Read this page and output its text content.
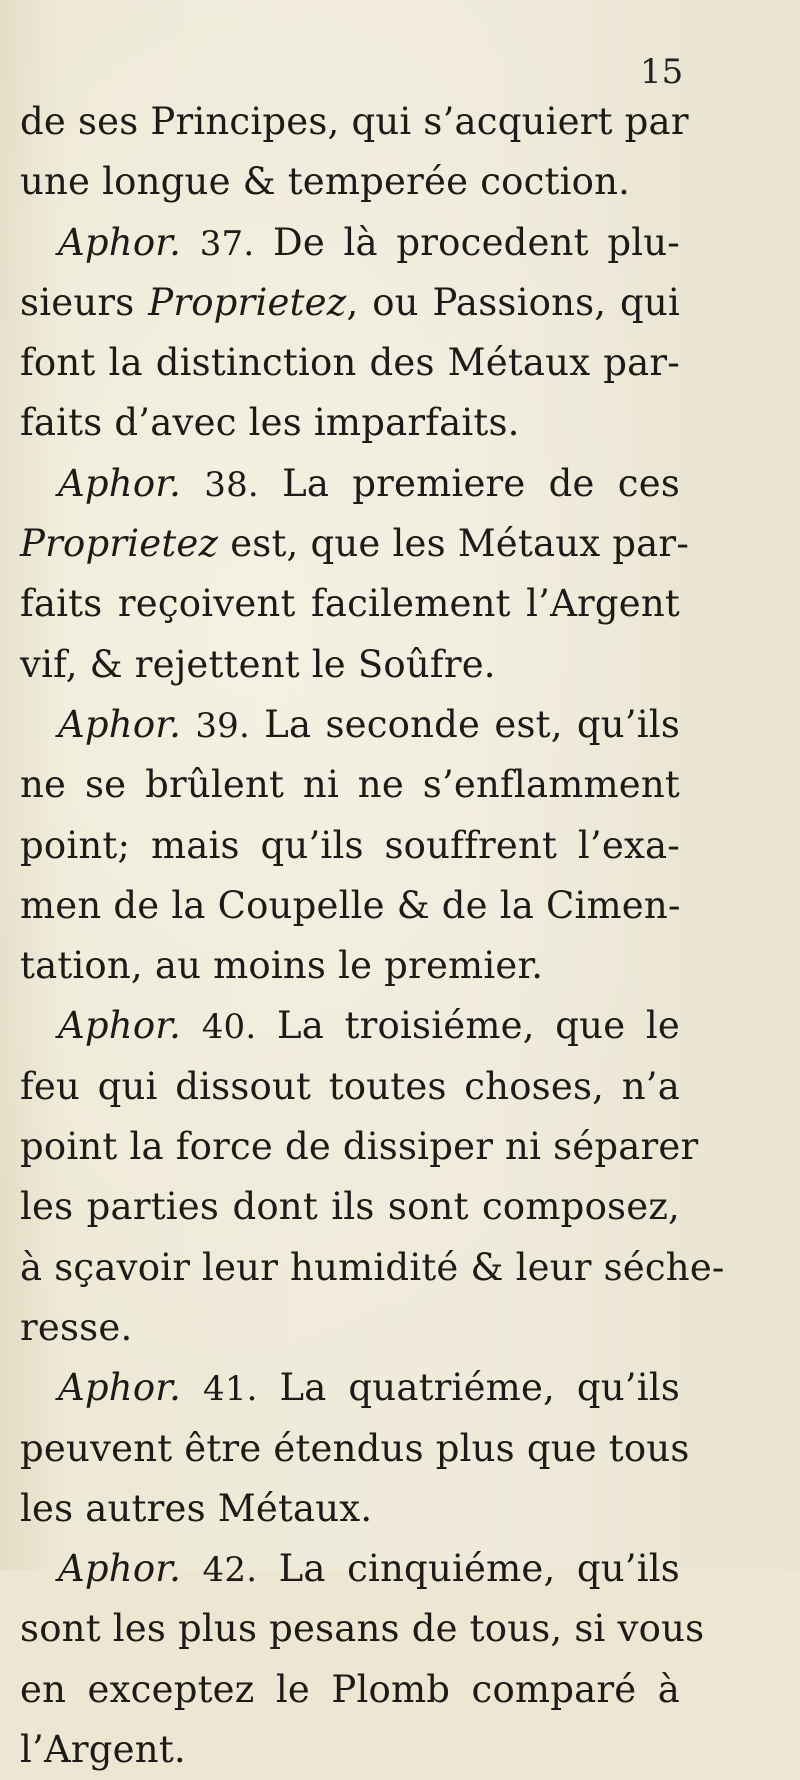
15
de ses Principes, qui s’acquiert par
une longue & temperée coction.
Aphor. 37. De là procedent plu-
sieurs Proprietez, ou Passions, qui
font la distinction des Métaux par-
faits d’avec les imparfaits.
Aphor. 38. La premiere de ces
Proprietez est, que les Métaux par-
faits reçoivent facilement l’Argent
vif, & rejettent le Soûfre.
Aphor. 39. La seconde est, qu’ils
ne se brûlent ni ne s’enflamment
point; mais qu’ils souffrent l’exa-
men de la Coupelle & de la Cimen-
tation, au moins le premier.
Aphor. 40. La troisiéme, que le
feu qui dissout toutes choses, n’a
point la force de dissiper ni séparer
les parties dont ils sont composez,
à sçavoir leur humidité & leur séche-
resse.
Aphor. 41. La quatriéme, qu’ils
peuvent être étendus plus que tous
les autres Métaux.
Aphor. 42. La cinquiéme, qu’ils
sont les plus pesans de tous, si vous
en exceptez le Plomb comparé à
l’Argent.
